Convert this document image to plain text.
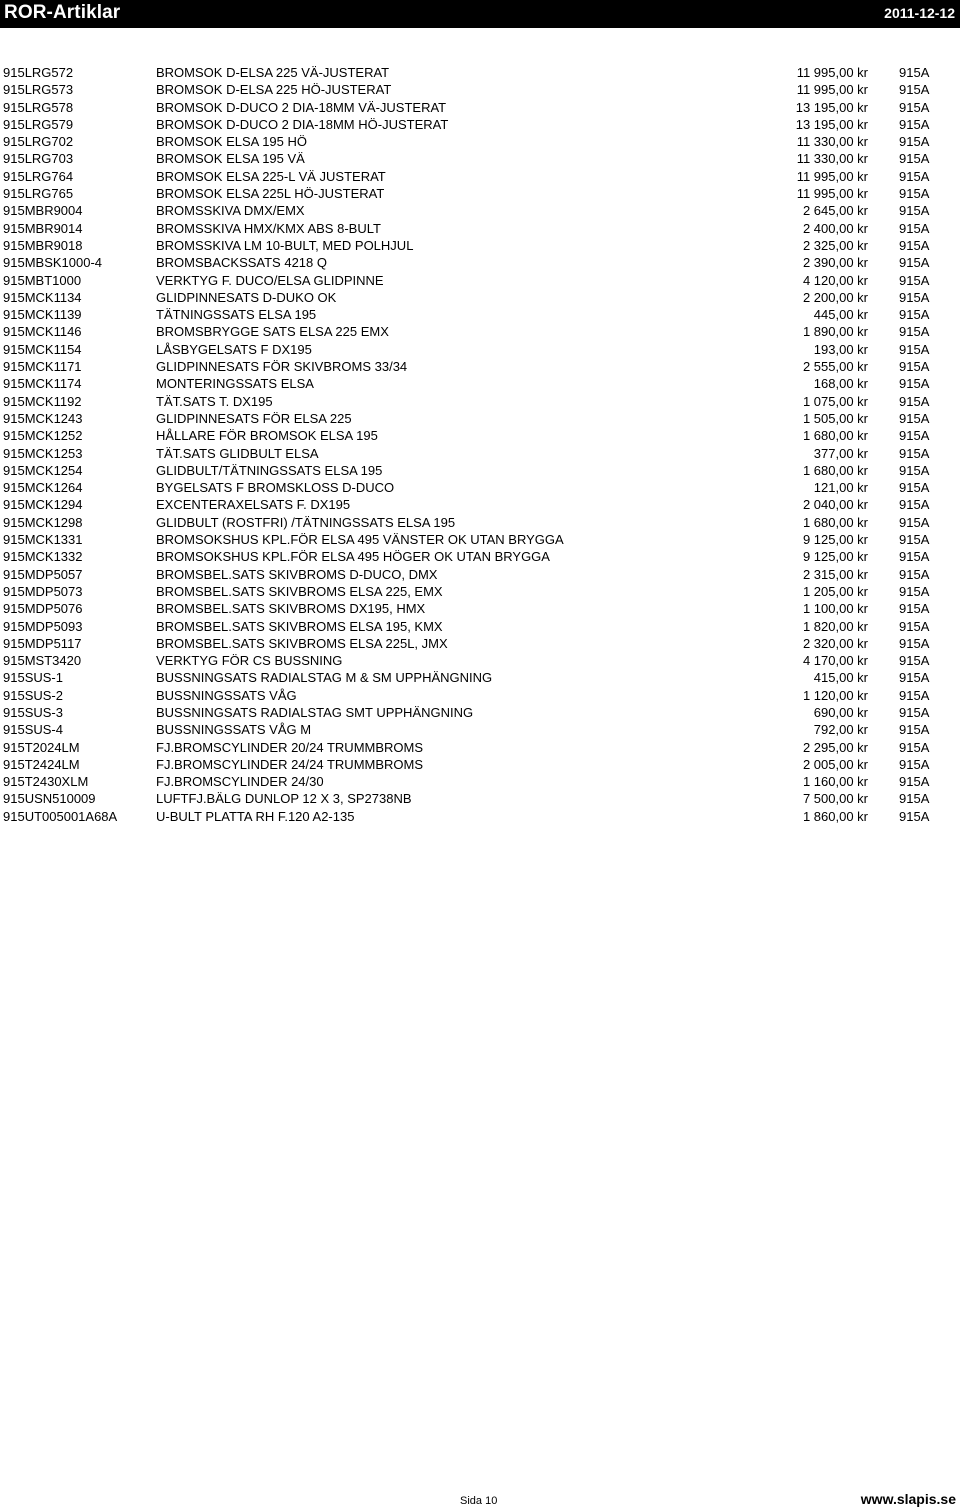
ROR-Artiklar	2011-12-12
915LRG572	BROMSOK D-ELSA 225 VÄ-JUSTERAT	11 995,00 kr 915A
915LRG573	BROMSOK D-ELSA 225 HÖ-JUSTERAT	11 995,00 kr 915A
915LRG578	BROMSOK D-DUCO 2 DIA-18MM VÄ-JUSTERAT	13 195,00 kr 915A
915LRG579	BROMSOK D-DUCO 2 DIA-18MM HÖ-JUSTERAT	13 195,00 kr 915A
915LRG702	BROMSOK ELSA 195 HÖ	11 330,00 kr 915A
915LRG703	BROMSOK ELSA 195 VÄ	11 330,00 kr 915A
915LRG764	BROMSOK ELSA 225-L VÄ JUSTERAT	11 995,00 kr 915A
915LRG765	BROMSOK ELSA 225L HÖ-JUSTERAT	11 995,00 kr 915A
915MBR9004	BROMSSKIVA DMX/EMX	2 645,00 kr 915A
915MBR9014	BROMSSKIVA HMX/KMX ABS 8-BULT	2 400,00 kr 915A
915MBR9018	BROMSSKIVA LM 10-BULT, MED POLHJUL	2 325,00 kr 915A
915MBSK1000-4	BROMSBACKSSATS 4218 Q	2 390,00 kr 915A
915MBT1000	VERKTYG F. DUCO/ELSA GLIDPINNE	4 120,00 kr 915A
915MCK1134	GLIDPINNESATS D-DUKO OK	2 200,00 kr 915A
915MCK1139	TÄTNINGSSATS ELSA 195	445,00 kr 915A
915MCK1146	BROMSBRYGGE SATS ELSA 225 EMX	1 890,00 kr 915A
915MCK1154	LÅSBYGELSATS F DX195	193,00 kr 915A
915MCK1171	GLIDPINNESATS FÖR SKIVBROMS 33/34	2 555,00 kr 915A
915MCK1174	MONTERINGSSATS ELSA	168,00 kr 915A
915MCK1192	TÄT.SATS T. DX195	1 075,00 kr 915A
915MCK1243	GLIDPINNESATS FÖR ELSA 225	1 505,00 kr 915A
915MCK1252	HÅLLARE FÖR BROMSOK ELSA 195	1 680,00 kr 915A
915MCK1253	TÄT.SATS GLIDBULT ELSA	377,00 kr 915A
915MCK1254	GLIDBULT/TÄTNINGSSATS ELSA 195	1 680,00 kr 915A
915MCK1264	BYGELSATS F BROMSKLOSS D-DUCO	121,00 kr 915A
915MCK1294	EXCENTERAXELSATS F. DX195	2 040,00 kr 915A
915MCK1298	GLIDBULT (ROSTFRI) /TÄTNINGSSATS ELSA 195	1 680,00 kr 915A
915MCK1331	BROMSOKSHUS KPL.FÖR ELSA 495 VÄNSTER OK UTAN BRYGGA	9 125,00 kr 915A
915MCK1332	BROMSOKSHUS KPL.FÖR ELSA 495 HÖGER OK UTAN BRYGGA	9 125,00 kr 915A
915MDP5057	BROMSBEL.SATS SKIVBROMS D-DUCO, DMX	2 315,00 kr 915A
915MDP5073	BROMSBEL.SATS SKIVBROMS ELSA 225, EMX	1 205,00 kr 915A
915MDP5076	BROMSBEL.SATS SKIVBROMS DX195, HMX	1 100,00 kr 915A
915MDP5093	BROMSBEL.SATS SKIVBROMS ELSA 195, KMX	1 820,00 kr 915A
915MDP5117	BROMSBEL.SATS SKIVBROMS ELSA 225L, JMX	2 320,00 kr 915A
915MST3420	VERKTYG FÖR CS BUSSNING	4 170,00 kr 915A
915SUS-1	BUSSNINGSATS RADIALSTAG M & SM UPPHÄNGNING	415,00 kr 915A
915SUS-2	BUSSNINGSSATS VÅG	1 120,00 kr 915A
915SUS-3	BUSSNINGSATS RADIALSTAG SMT UPPHÄNGNING	690,00 kr 915A
915SUS-4	BUSSNINGSSATS VÅG M	792,00 kr 915A
915T2024LM	FJ.BROMSCYLINDER 20/24 TRUMMBROMS	2 295,00 kr 915A
915T2424LM	FJ.BROMSCYLINDER 24/24 TRUMMBROMS	2 005,00 kr 915A
915T2430XLM	FJ.BROMSCYLINDER 24/30	1 160,00 kr 915A
915USN510009	LUFTFJ.BÄLG DUNLOP 12 X 3, SP2738NB	7 500,00 kr 915A
915UT005001A68A	U-BULT PLATTA RH F.120 A2-135	1 860,00 kr 915A
Sida 10	www.slapis.se
